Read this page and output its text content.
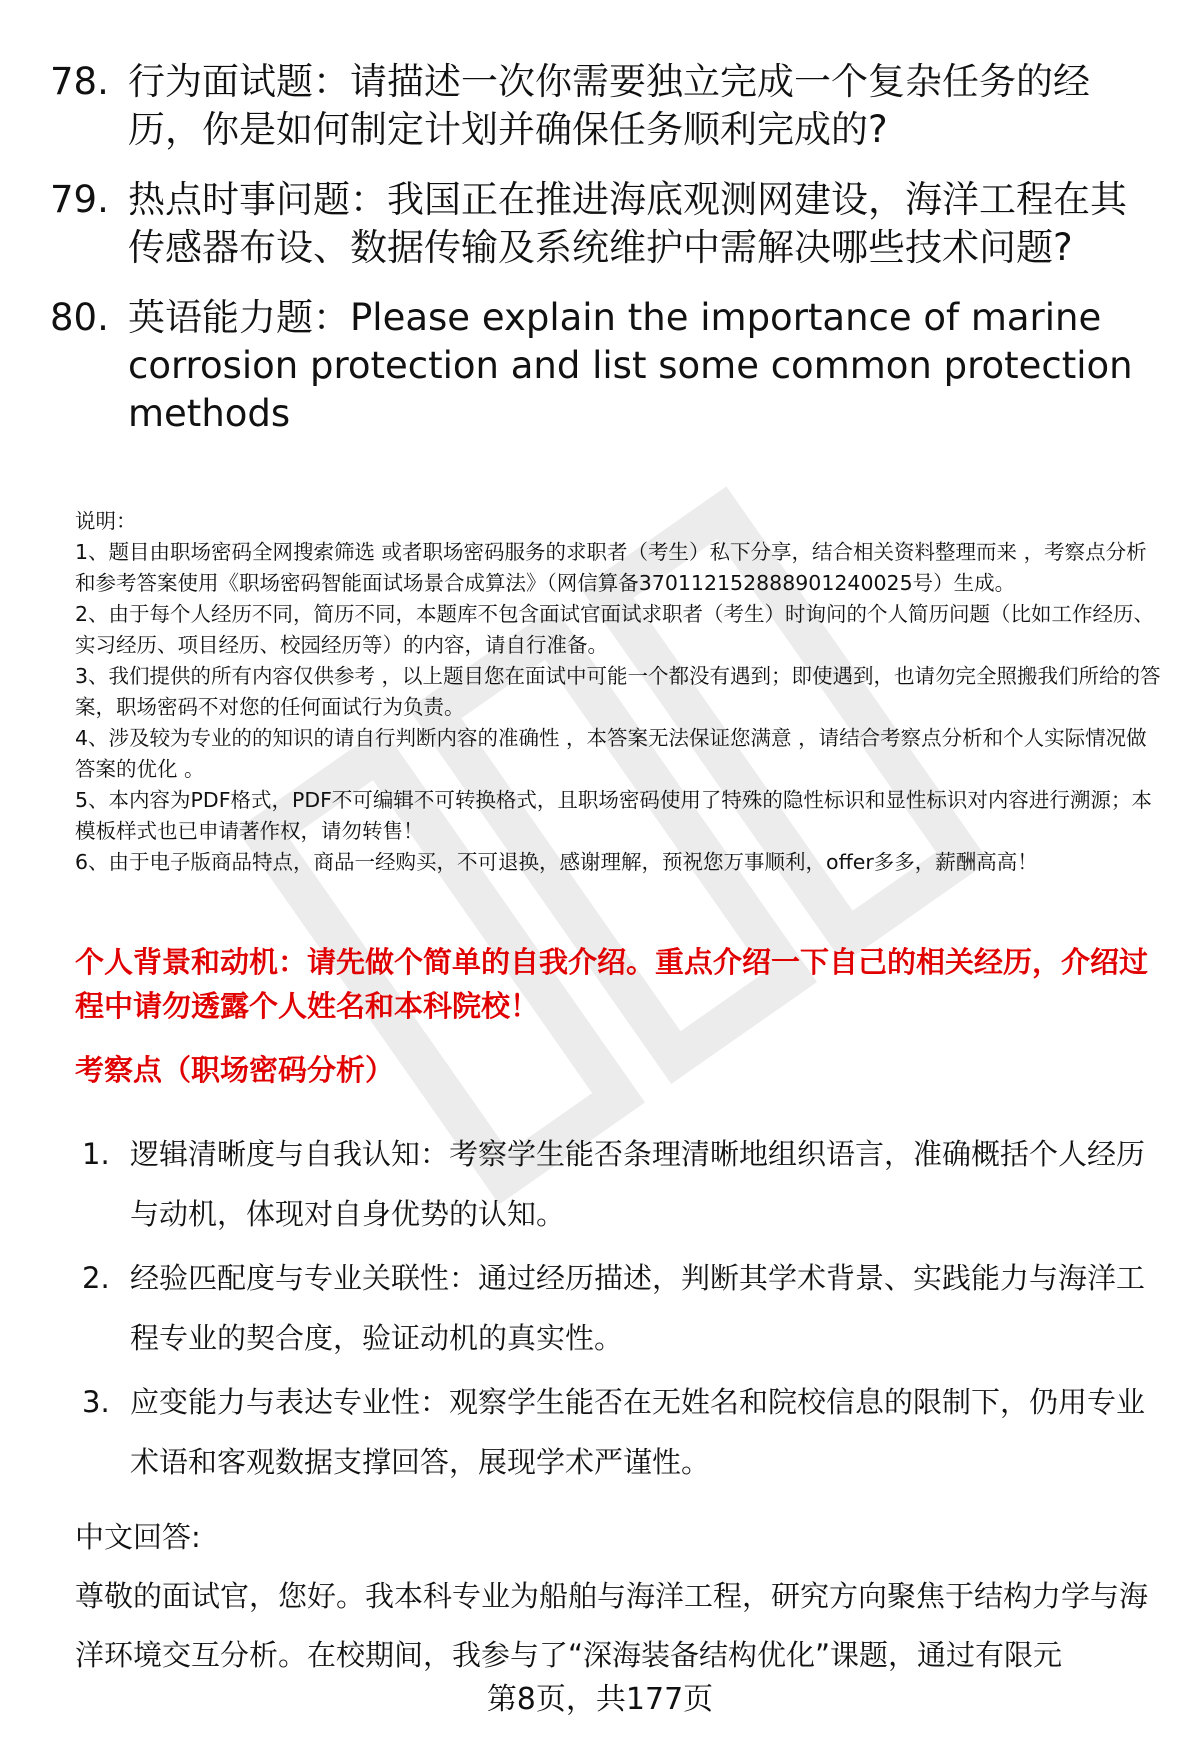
78. 行为面试题：请描述一次你需要独立完成一个复杂任务的经历，你是如何制定计划并确保任务顺利完成的?
79. 热点时事问题：我国正在推进海底观测网建设，海洋工程在其传感器布设、数据传输及系统维护中需解决哪些技术问题?
80. 英语能力题：Please explain the importance of marine corrosion protection and list some common protection methods

说明：

1、题目由职场密码全网搜索筛选 或者职场密码服务的求职者（考生）私下分享，结合相关资料整理而来 ，考察点分析和参考答案使用《职场密码智能面试场景合成算法》（网信算备370112152888901240025号）生成。

2、由于每个人经历不同，简历不同，本题库不包含面试官面试求职者（考生）时询问的个人简历问题（比如工作经历、实习经历、项目经历、校园经历等）的内容，请自行准备。

3、我们提供的所有内容仅供参考 ，以上题目您在面试中可能一个都没有遇到；即使遇到，也请勿完全照搬我们所给的答案，职场密码不对您的任何面试行为负责。

4、涉及较为专业的的知识的请自行判断内容的准确性 ，本答案无法保证您满意 ，请结合考察点分析和个人实际情况做答案的优化 。

5、本内容为PDF格式，PDF不可编辑不可转换格式，且职场密码使用了特殊的隐性标识和显性标识对内容进行溯源；本模板样式也已申请著作权，请勿转售！

6、由于电子版商品特点，商品一经购买，不可退换，感谢理解，预祝您万事顺利，offer多多，薪酬高高！

个人背景和动机：请先做个简单的自我介绍。重点介绍一下自己的相关经历，介绍过程中请勿透露个人姓名和本科院校！
考察点（职场密码分析）
1. 逻辑清晰度与自我认知：考察学生能否条理清晰地组织语言，准确概括个人经历与动机，体现对自身优势的认知。
2. 经验匹配度与专业关联性：通过经历描述，判断其学术背景、实践能力与海洋工程专业的契合度，验证动机的真实性。
3. 应变能力与表达专业性：观察学生能否在无姓名和院校信息的限制下，仍用专业术语和客观数据支撑回答，展现学术严谨性。

中文回答:

尊敬的面试官，您好。我本科专业为船舶与海洋工程，研究方向聚焦于结构力学与海洋环境交互分析。在校期间，我参与了“深海装备结构优化”课题，通过有限元

第8页，共177页
